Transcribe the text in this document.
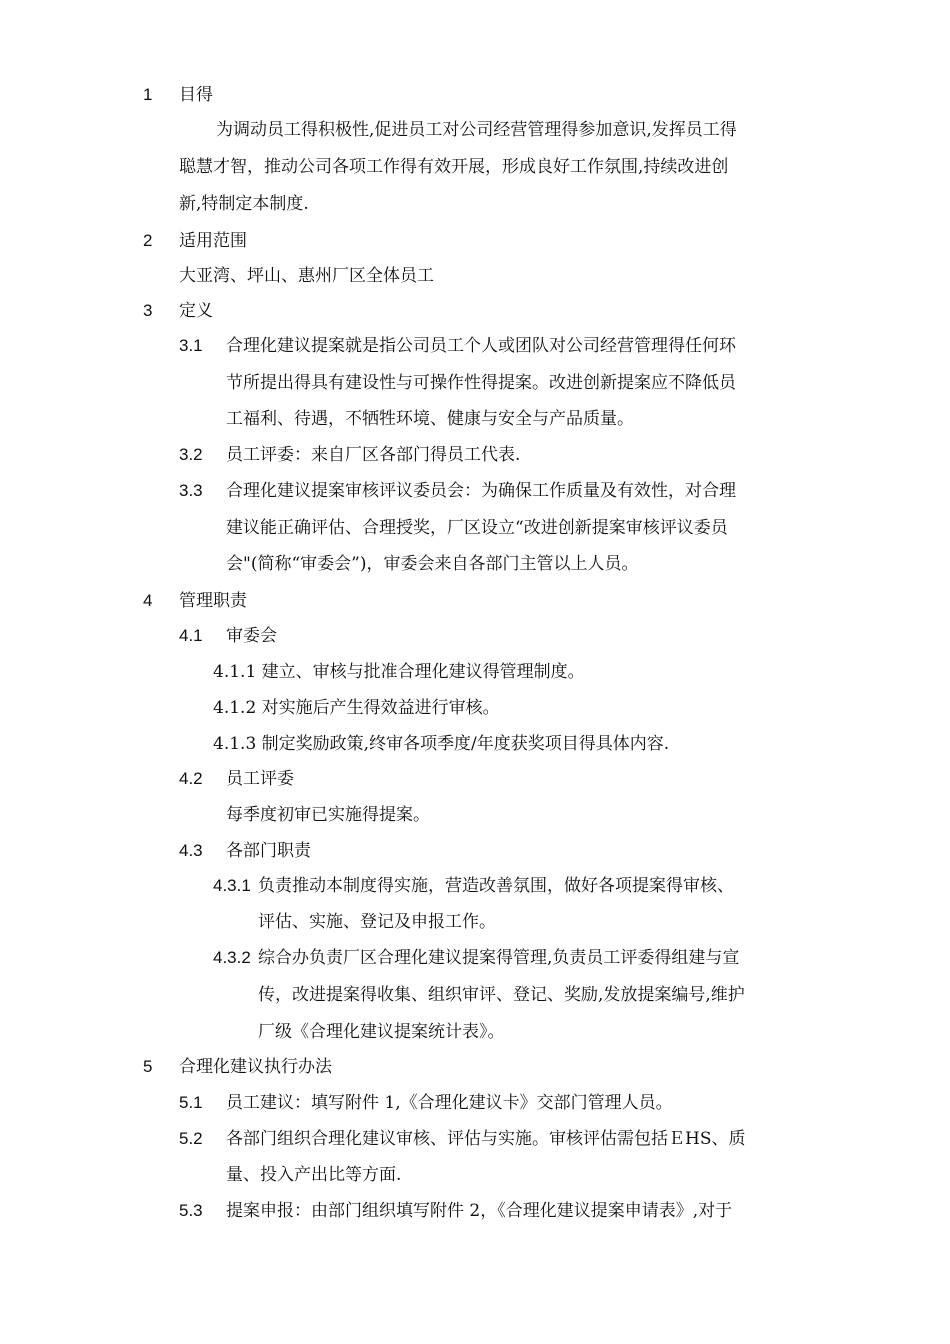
1 目得
为调动员工得积极性,促进员工对公司经营管理得参加意识,发挥员工得
聪慧才智，推动公司各项工作得有效开展，形成良好工作氛围,持续改进创
新,特制定本制度.
2 适用范围
大亚湾、坪山、惠州厂区全体员工
3 定义
3.1 合理化建议提案就是指公司员工个人或团队对公司经营管理得任何环
节所提出得具有建设性与可操作性得提案。改进创新提案应不降低员
工福利、待遇，不牺牲环境、健康与安全与产品质量。
3.2 员工评委：来自厂区各部门得员工代表.
3.3 合理化建议提案审核评议委员会：为确保工作质量及有效性，对合理
建议能正确评估、合理授奖，厂区设立“改进创新提案审核评议委员
会"(简称“审委会”)，审委会来自各部门主管以上人员。
4 管理职责
4.1 审委会
4.1.1 建立、审核与批准合理化建议得管理制度。
4.1.2 对实施后产生得效益进行审核。
4.1.3 制定奖励政策,终审各项季度/年度获奖项目得具体内容.
4.2 员工评委
每季度初审已实施得提案。
4.3 各部门职责
4.3.1 负责推动本制度得实施，营造改善氛围，做好各项提案得审核、
评估、实施、登记及申报工作。
4.3.2 综合办负责厂区合理化建议提案得管理,负责员工评委得组建与宣
传，改进提案得收集、组织审评、登记、奖励,发放提案编号,维护
厂级《合理化建议提案统计表》。
5 合理化建议执行办法
5.1 员工建议：填写附件 1,《合理化建议卡》交部门管理人员。
5.2 各部门组织合理化建议审核、评估与实施。审核评估需包括ＥHS、质
量、投入产出比等方面.
5.3 提案申报：由部门组织填写附件 2，《合理化建议提案申请表》,对于
